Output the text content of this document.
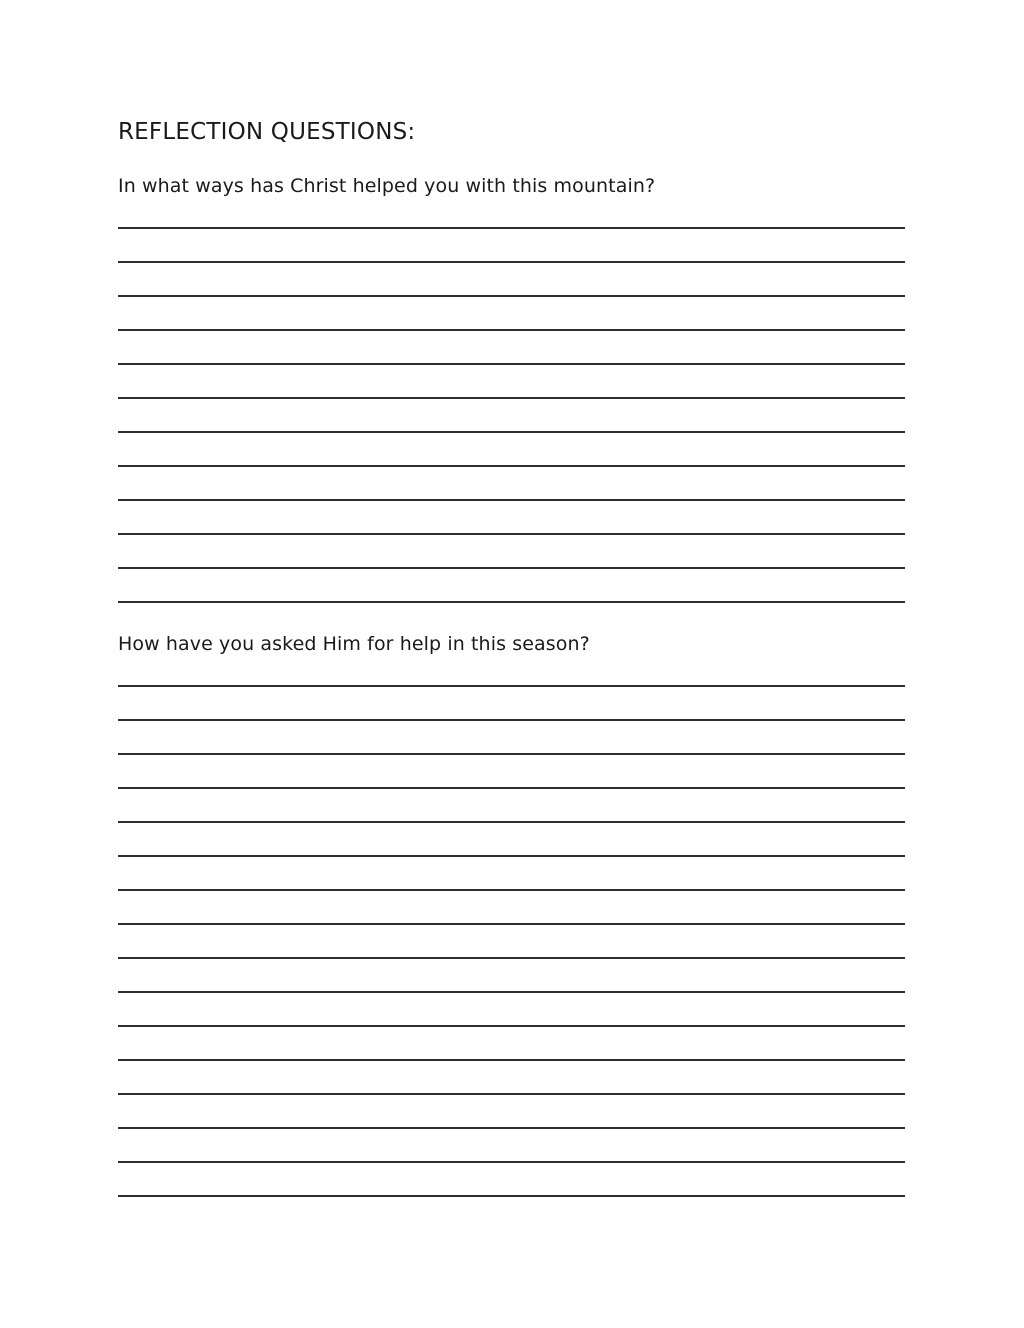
REFLECTION QUESTIONS:
In what ways has Christ helped you with this mountain?
How have you asked Him for help in this season?
